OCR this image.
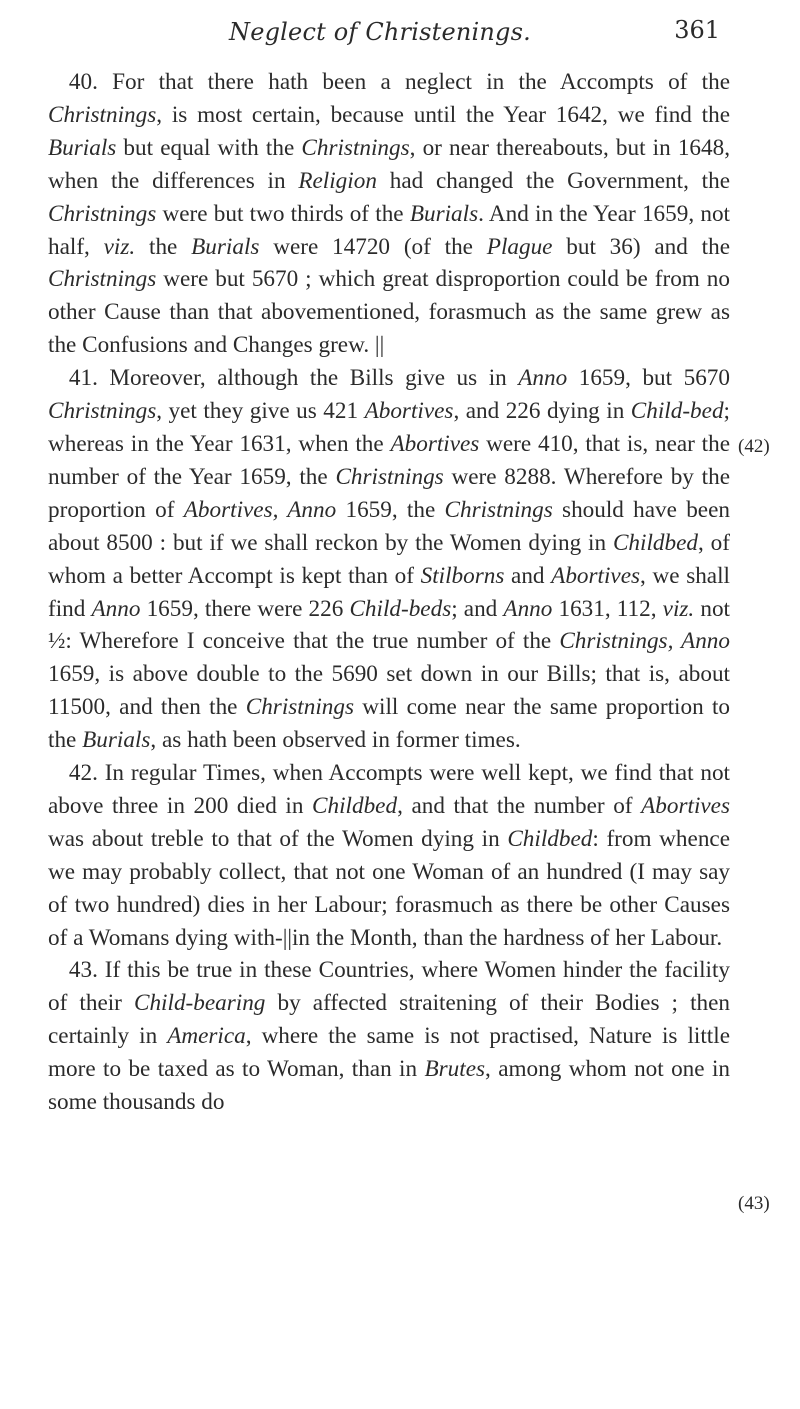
Neglect of Christenings.	361
(42)
(43)

40. For that there hath been a neglect in the Accompts of the Christnings, is most certain, because until the Year 1642, we find the Burials but equal with the Christnings, or near thereabouts, but in 1648, when the differences in Religion had changed the Government, the Christnings were but two thirds of the Burials. And in the Year 1659, not half, viz. the Burials were 14720 (of the Plague but 36) and the Christnings were but 5670 ; which great disproportion could be from no other Cause than that abovementioned, forasmuch as the same grew as the Confusions and Changes grew. ||

41. Moreover, although the Bills give us in Anno 1659, but 5670 Christnings, yet they give us 421 Abortives, and 226 dying in Child-bed; whereas in the Year 1631, when the Abortives were 410, that is, near the number of the Year 1659, the Christnings were 8288. Wherefore by the proportion of Abortives, Anno 1659, the Christnings should have been about 8500 : but if we shall reckon by the Women dying in Childbed, of whom a better Accompt is kept than of Stilborns and Abortives, we shall find Anno 1659, there were 226 Child-beds; and Anno 1631, 112, viz. not ½: Wherefore I conceive that the true number of the Christnings, Anno 1659, is above double to the 5690 set down in our Bills; that is, about 11500, and then the Christnings will come near the same proportion to the Burials, as hath been observed in former times.

42. In regular Times, when Accompts were well kept, we find that not above three in 200 died in Childbed, and that the number of Abortives was about treble to that of the Women dying in Childbed: from whence we may probably collect, that not one Woman of an hundred (I may say of two hundred) dies in her Labour; forasmuch as there be other Causes of a Womans dying with-||in the Month, than the hardness of her Labour.

43. If this be true in these Countries, where Women hinder the facility of their Child-bearing by affected straitening of their Bodies ; then certainly in America, where the same is not practised, Nature is little more to be taxed as to Woman, than in Brutes, among whom not one in some thousands do
